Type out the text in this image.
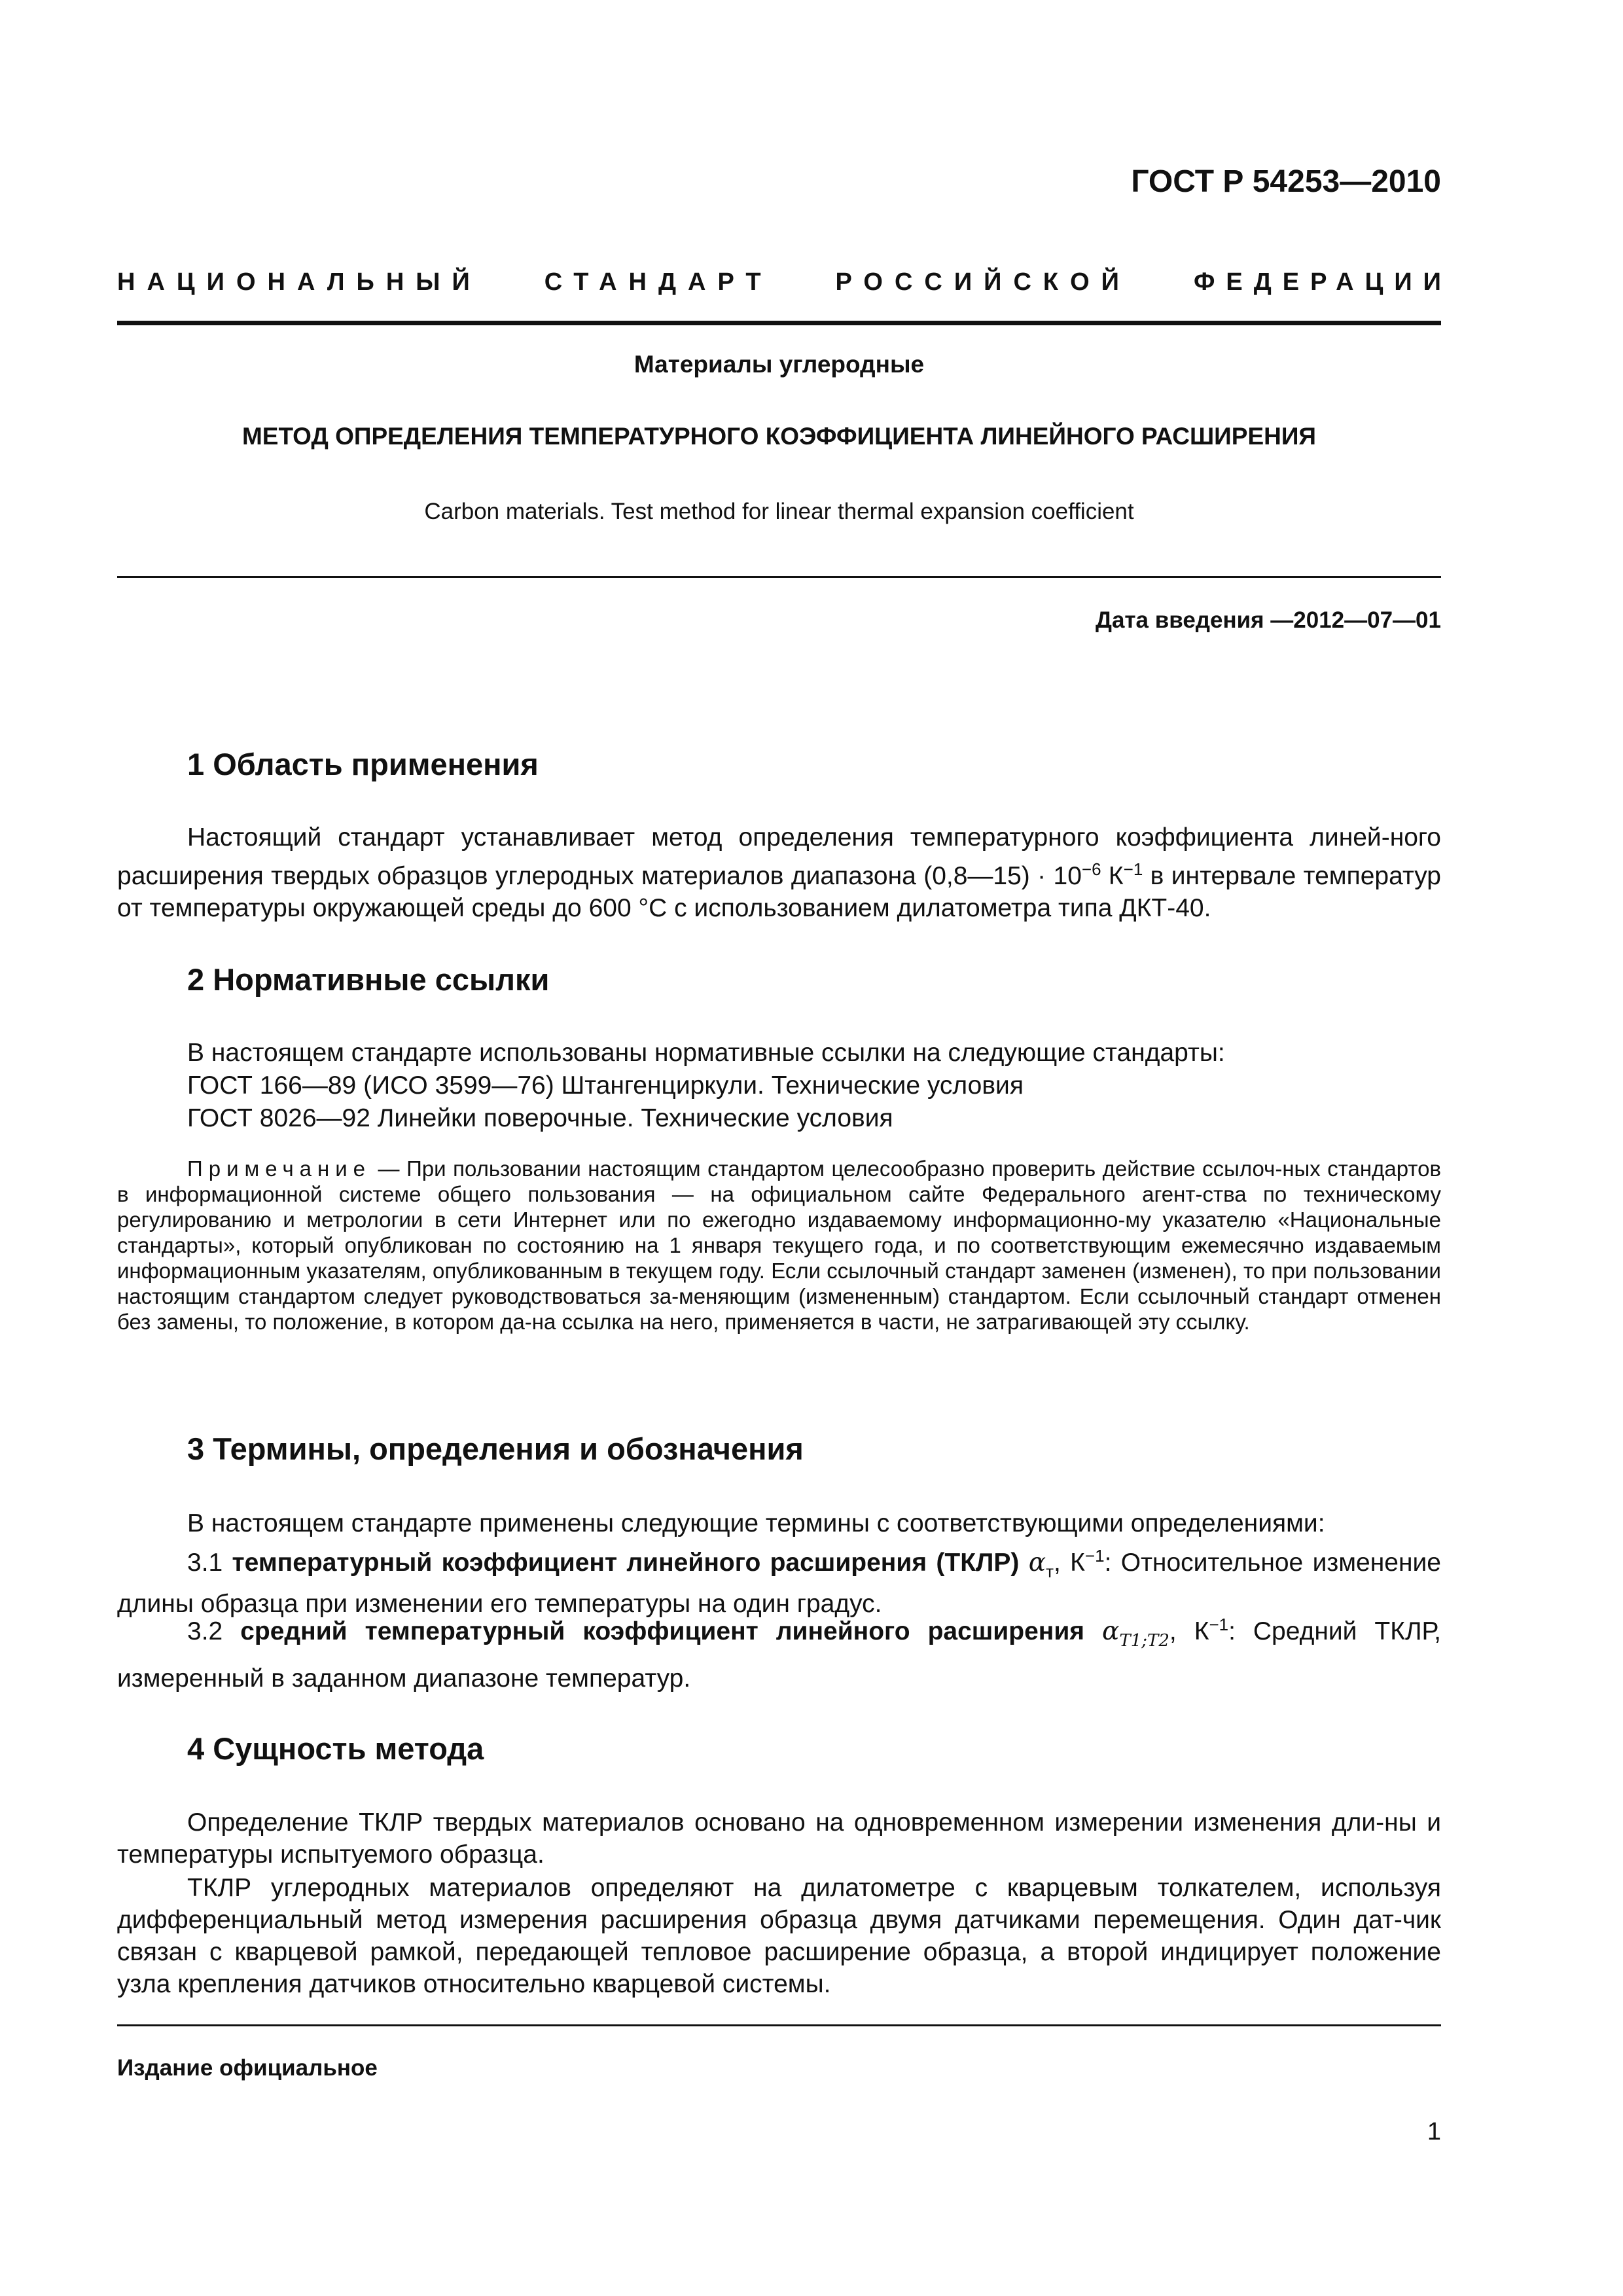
ГОСТ Р 54253—2010
НАЦИОНАЛЬНЫЙ	СТАНДАРТ	РОССИЙСКОЙ	ФЕДЕРАЦИИ
Материалы углеродные
МЕТОД ОПРЕДЕЛЕНИЯ ТЕМПЕРАТУРНОГО КОЭФФИЦИЕНТА ЛИНЕЙНОГО РАСШИРЕНИЯ
Carbon materials. Test method for linear thermal expansion coefficient
Дата введения —2012—07—01
1 Область применения
Настоящий стандарт устанавливает метод определения температурного коэффициента линей-ного расширения твердых образцов углеродных материалов диапазона (0,8—15) · $10^{-6}$ $К^{-1}$ в интервале температур от температуры окружающей среды до 600 °С с использованием дилатометра типа ДКТ-40.
2 Нормативные ссылки
В настоящем стандарте использованы нормативные ссылки на следующие стандарты:
ГОСТ 166—89 (ИСО 3599—76) Штангенциркули. Технические условия
ГОСТ 8026—92 Линейки поверочные. Технические условия
Примечание — При пользовании настоящим стандартом целесообразно проверить действие ссылоч-ных стандартов в информационной системе общего пользования — на официальном сайте Федерального агент-ства по техническому регулированию и метрологии в сети Интернет или по ежегодно издаваемому информационно-му указателю «Национальные стандарты», который опубликован по состоянию на 1 января текущего года, и по соответствующим ежемесячно издаваемым информационным указателям, опубликованным в текущем году. Если ссылочный стандарт заменен (изменен), то при пользовании настоящим стандартом следует руководствоваться за-меняющим (измененным) стандартом. Если ссылочный стандарт отменен без замены, то положение, в котором да-на ссылка на него, применяется в части, не затрагивающей эту ссылку.
3 Термины, определения и обозначения
В настоящем стандарте применены следующие термины с соответствующими определениями:
3.1 температурный коэффициент линейного расширения (ТКЛР) $\alpha_т$, $К^{-1}$: Относительное изменение длины образца при изменении его температуры на один градус.
3.2 средний температурный коэффициент линейного расширения $\alpha_{T1;T2}$, $К^{-1}$: Средний ТКЛР, измеренный в заданном диапазоне температур.
4 Сущность метода
Определение ТКЛР твердых материалов основано на одновременном измерении изменения дли-ны и температуры испытуемого образца.
ТКЛР углеродных материалов определяют на дилатометре с кварцевым толкателем, используя дифференциальный метод измерения расширения образца двумя датчиками перемещения. Один дат-чик связан с кварцевой рамкой, передающей тепловое расширение образца, а второй индицирует положение узла крепления датчиков относительно кварцевой системы.
Издание официальное
1
